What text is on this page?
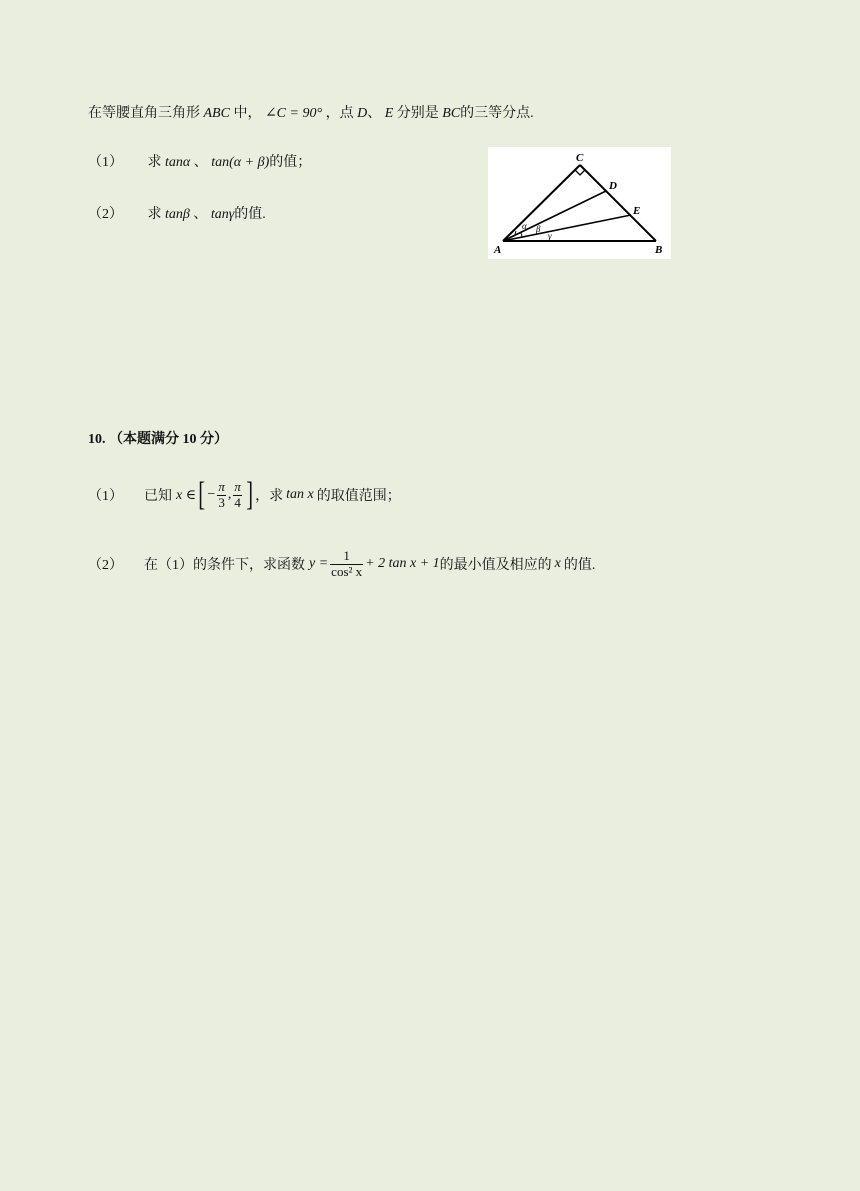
在等腰直角三角形 ABC 中， ∠C = 90° ，点 D、 E 分别是 BC的三等分点.
（1） 求 tanα 、 tan(α + β)的值；
（2） 求 tanβ 、 tanγ的值.
C
D
E
A	B
α β
γ
10. （本题满分 10 分）
（1）	已知 x ∈ [ − $\frac{\pi}{3}$ , $\frac{\pi}{4}$ ] ，求 tan x 的取值范围；
（2）	在（1）的条件下，求函数 $y = \frac{1}{\text{cos² x}} + 2$ tan x + 1 的最小值及相应的 x 的值.
